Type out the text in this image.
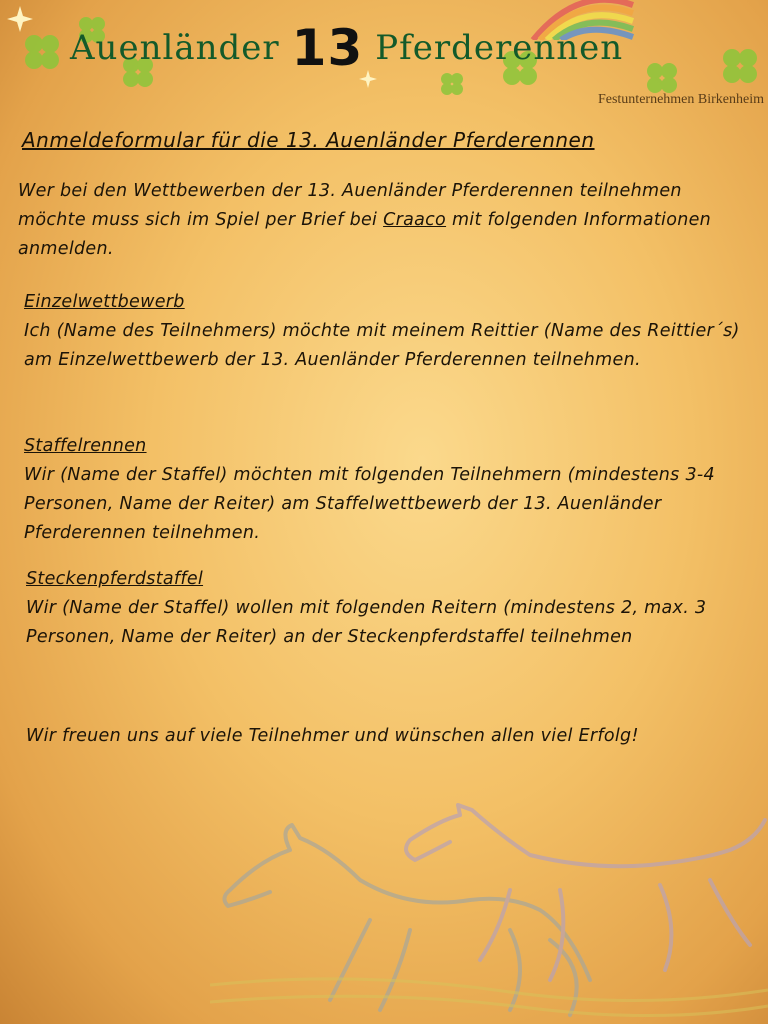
Auenländer 13 Pferderennen
Festunternehmen Birkenheim
Anmeldeformular für die 13. Auenländer Pferderennen
Wer bei den Wettbewerben der 13. Auenländer Pferderennen teilnehmen möchte muss sich im Spiel per Brief bei Craaco mit folgenden Informationen anmelden.
Einzelwettbewerb
Ich (Name des Teilnehmers) möchte mit meinem Reittier (Name des Reittier´s) am Einzelwettbewerb der 13. Auenländer Pferderennen teilnehmen.
Staffelrennen
Wir (Name der Staffel) möchten mit folgenden Teilnehmern (mindestens 3-4 Personen, Name der Reiter) am Staffelwettbewerb der 13. Auenländer Pferderennen teilnehmen.
Steckenpferdstaffel
Wir (Name der Staffel) wollen mit folgenden Reitern (mindestens 2, max. 3 Personen, Name der Reiter) an der Steckenpferdstaffel teilnehmen
Wir freuen uns auf viele Teilnehmer und wünschen allen viel Erfolg!
